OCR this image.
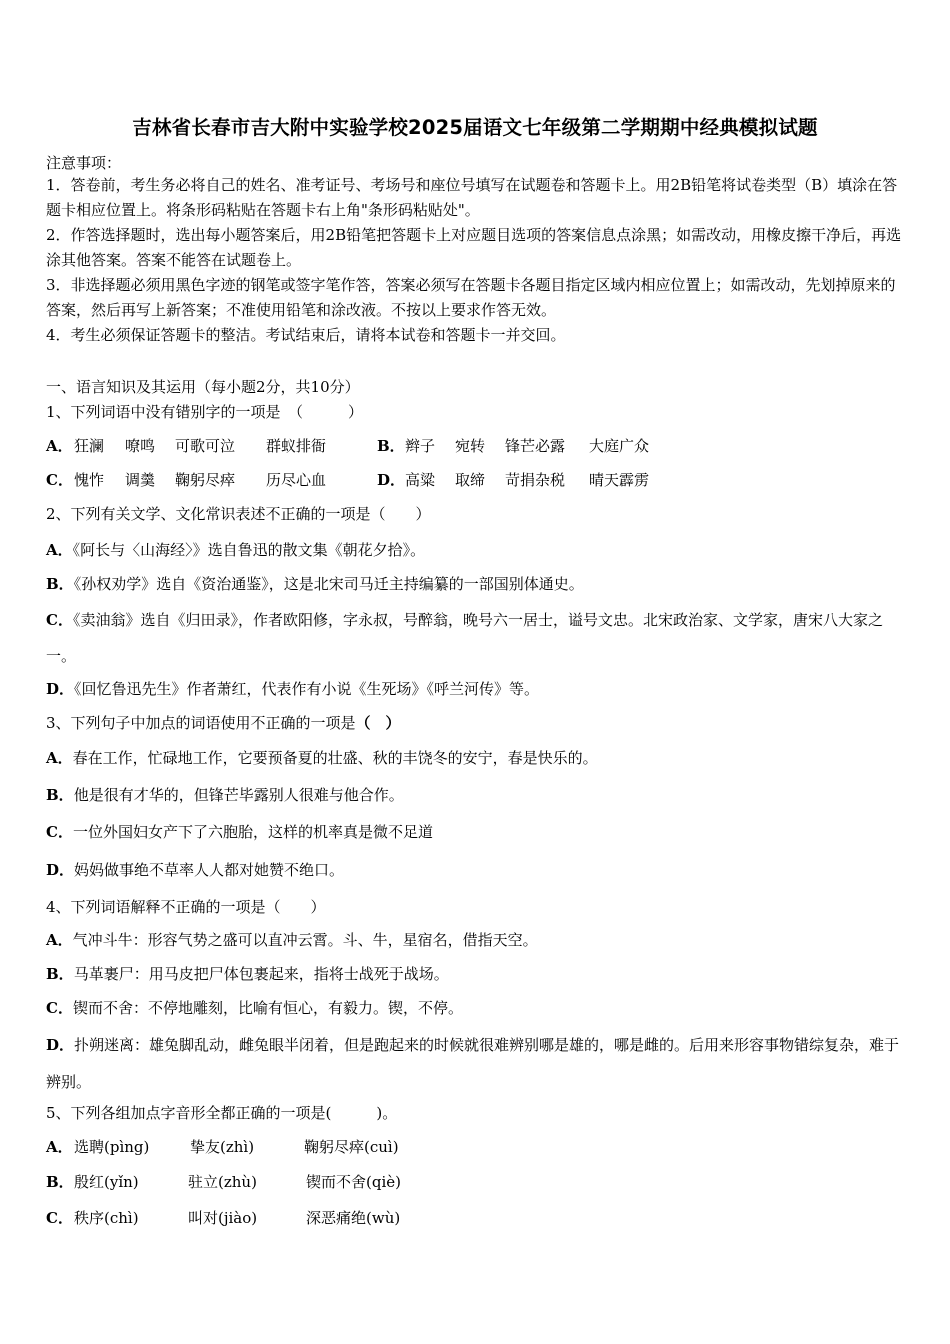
吉林省长春市吉大附中实验学校2025届语文七年级第二学期期中经典模拟试题
注意事项：
1．答卷前，考生务必将自己的姓名、准考证号、考场号和座位号填写在试题卷和答题卡上。用2B铅笔将试卷类型（B）填涂在答题卡相应位置上。将条形码粘贴在答题卡右上角"条形码粘贴处"。
2．作答选择题时，选出每小题答案后，用2B铅笔把答题卡上对应题目选项的答案信息点涂黑；如需改动，用橡皮擦干净后，再选涂其他答案。答案不能答在试题卷上。
3．非选择题必须用黑色字迹的钢笔或签字笔作答，答案必须写在答题卡各题目指定区域内相应位置上；如需改动，先划掉原来的答案，然后再写上新答案；不准使用铅笔和涂改液。不按以上要求作答无效。
4．考生必须保证答题卡的整洁。考试结束后，请将本试卷和答题卡一并交回。
一、语言知识及其运用（每小题2分，共10分）
1、下列词语中没有错别字的一项是　（　　　）
A． 狂澜 嘹鸣 可歌可泣 群蚁排衙	B． 辫子 宛转 锋芒必露 大庭广众
C． 愧怍 调羹 鞠躬尽瘁 历尽心血	D． 高粱 取缔 苛捐杂税 晴天霹雳
2、下列有关文学、文化常识表述不正确的一项是（　　）
A．《阿长与〈山海经〉》选自鲁迅的散文集《朝花夕拾》。
B．《孙权劝学》选自《资治通鉴》，这是北宋司马迁主持编纂的一部国别体通史。
C．《卖油翁》选自《归田录》，作者欧阳修，字永叔，号醉翁，晚号六一居士，谥号文忠。北宋政治家、文学家，唐宋八大家之一。
D．《回忆鲁迅先生》作者萧红，代表作有小说《生死场》《呼兰河传》等。
3、下列句子中加点的词语使用不正确的一项是（　）
A．春在工作，忙碌地工作，它要预备夏的壮盛、秋的丰饶冬的安宁，春是快乐的。
B．他是很有才华的，但锋芒毕露别人很难与他合作。
C．一位外国妇女产下了六胞胎，这样的机率真是微不足道
D．妈妈做事绝不草率人人都对她赞不绝口。
4、下列词语解释不正确的一项是（　　）
A．气冲斗牛：形容气势之盛可以直冲云霄。斗、牛，星宿名，借指天空。
B．马革裹尸：用马皮把尸体包裹起来，指将士战死于战场。
C．锲而不舍：不停地雕刻，比喻有恒心，有毅力。锲，不停。
D．扑朔迷离：雄兔脚乱动，雌兔眼半闭着，但是跑起来的时候就很难辨别哪是雄的，哪是雌的。后用来形容事物错综复杂，难于辨别。
5、下列各组加点字音形全都正确的一项是(　　　)。
A． 选聘(pìng)	挚友(zhì)	鞠躬尽瘁(cuì)
B． 殷红(yǐn)	驻立(zhù)	锲而不舍(qiè)
C． 秩序(chì)	叫对(jiào)	深恶痛绝(wù)
